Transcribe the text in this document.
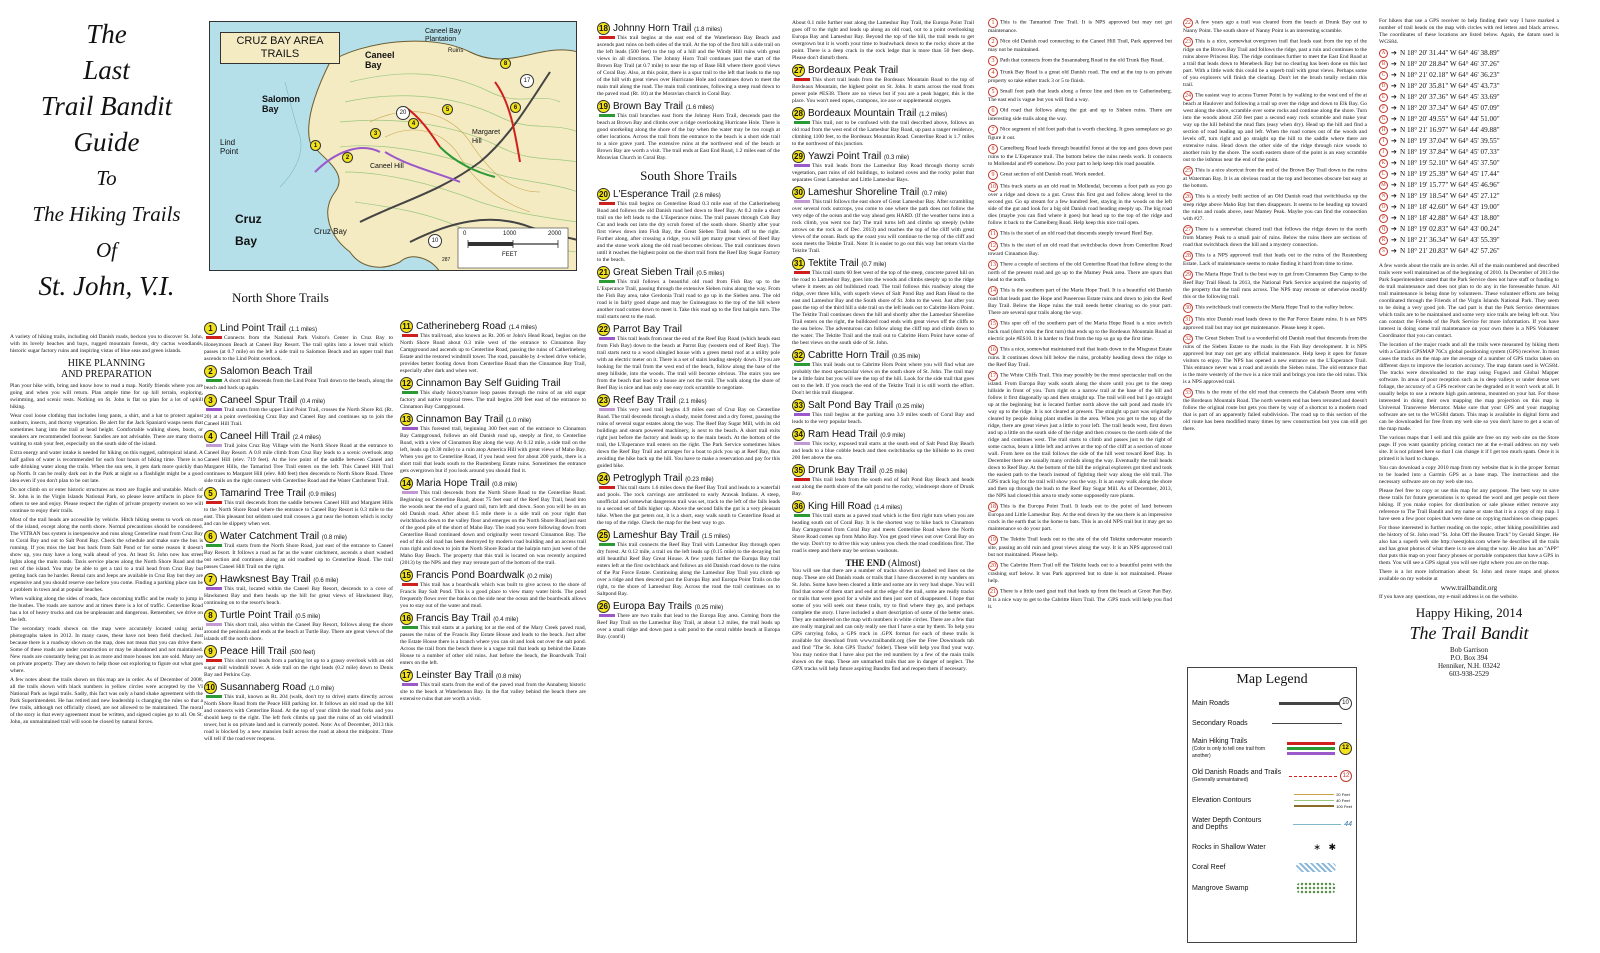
The
Last
Trail Bandit
Guide
To
The Hiking Trails
Of
St. John, V.I.
A variety of hiking trails, including old Danish roads, beckon you to discover St. John, with its lovely beaches and bays, rugged mountain forests, dry cactus woodlands, historic sugar factory ruins and inspiring vistas of blue seas and green islands.
HIKE PLANNING
AND PREPARATION
Plan your hike with, bring and know how to read a map. Notify friends where you are going and when you will return. Plan ample time for up hill terrain, exploring, swimming, and scenic rests. Nothing on St. John is flat so plan for a lot of uphill hiking.
Wear cool loose clothing that includes long pants, a shirt, and a hat to protect against sunburn, insects, and thorny vegetation. Be alert for the Jack Spaniard wasps nests that sometimes hang into the trail at head height. Comfortable walking shoes, boots, or sneakers are recommended footwear. Sandles are not advisable. There are many thorns waiting to stab your feet, especially on the south side of the island.
Extra energy and water intake is needed for hiking on this rugged, subtropical island. A half gallon of water is recommended for each four hours of hiking time. There is no safe drinking water along the trails. When the sun sets, it gets dark more quickly than up North. It can be really dark out in the Park at night so a flashlight might be a good idea even if you don't plan to be out late.
Do not climb on or enter historic structures as most are fragile and unstable. Much of St. John is in the Virgin Islands National Park, so please leave artifacts in place for others to see and enjoy. Please respect the rights of private property owners so we will continue to enjoy their trails.
Most of the trail heads are accessible by vehicle. Hitch hiking seems to work on most of the island, except along the north shore. Normal precautions should be considered. The VITRAN bus system is inexpensive and runs along Centerline road from Cruz Bay to Coral Bay and out to Salt Pond Bay. Check the schedule and make sure the bus is running. If you miss the last bus back from Salt Pond or for some reason it doesn't show up, you may have a long walk ahead of you. At least St. John now has street lights along the main roads. Taxis service places along the North Shore Road and the rest of the island. You may be able to get a taxi to a trail head from Cruz Bay but getting back can be harder. Rental cars and Jeeps are available in Cruz Bay but they are expensive and you should reserve one before you come. Finding a parking place can be a problem in town and at popular beaches.
When walking along the sides of roads, face oncoming traffic and be ready to jump in the bushes. The roads are narrow and at times there is a lot of traffic. Centerline Road has a lot of heavy trucks and can be unpleasant and dangerous. Remember, we drive on the left.
The secondary roads shown on the map were accurately located using aerial photographs taken in 2012. In many cases, these have not been field checked. Just because there is a roadway shown on the map, does not mean that you can drive there. Some of these roads are under construction or may be abandoned and not maintained. New roads are constantly being put in as more and more houses lots are sold. Many are on private property. They are shown to help those out exploring to figure out what goes where.
A few notes about the trails shown on this map are in order. As of December of 2008, all the trails shown with black numbers in yellow circles were accepted by the VI National Park as legal trails. Sadly, this fact was only a hand shake agreement with the Park Superintendent. He has retired and new leadership is changing the rules so that a few trails, although not officially closed, are not allowed to be maintained. The moral of the story is that every agreement must be written, and signed copies go to all. On St. John, an unmaintained trail will soon be closed by natural forces.
CRUZ BAY AREA
TRAILS
Salomon Bay
Lind Point
Cruz Bay
Caneel Bay
Caneel Bay Plantation
Ruins
Margaret Hill
Caneel Hill
Cruz Bay
287
0	1000	2000
FEET
1
2
3
4
5	6
8
10
17
20
North Shore Trails
1 Lind Point Trail (1.1 miles)
Connects from the National Park Visitor's Center in Cruz Bay to Honeymoon Beach at Caneel Bay Resort. The trail splits into a lower trail which passes (at 0.7 mile) on the left a side trail to Salomon Beach and an upper trail that ascends to the Lind Point overlook.
2 Salomon Beach Trail
A short trail descends from the Lind Point Trail down to the beach, along the beach and back up again.
3 Caneel Spur Trail (0.4 mile)
Trail starts from the upper Lind Point Trail, crosses the North Shore Rd. (Rt. 20) at a point overlooking Cruz Bay and Caneel Bay and continues up to join the Caneel Hill Trail.
4 Caneel Hill Trail (2.4 miles)
Trail joins Cruz Bay Village with the North Shore Road at the entrance to Caneel Bay Resort. A 0.8 mile climb from Cruz Bay leads to a scenic overlook atop Caneel Hill (elev. 719 feet). At the low point of the saddle between Caneel and Margaret Hills, the Tamarind Tree Trail enters on the left. This Caneel Hill Trail continues to Margaret Hill (elev. 840 feet) then descends to North Shore Road. Three side trails on the right connect with Centerline Road and the Water Catchment Trail.
5 Tamarind Tree Trail (0.9 miles)
This trail descends from the saddle between Caneel Hill and Margaret Hills to the North Shore Road where the entrance to Caneel Bay Resort is 0.3 mile to the east. This pleasant but seldom used trail crosses a gut near the bottom which is rocky and can be slippery when wet.
6 Water Catchment Trail (0.8 mile)
Trail starts from the North Shore Road, just east of the entrance to Caneel Bay Resort. It follows a road as far as the water catchment, ascends a short washed out section and continues along an old roadbed up to Centerline Road. The trail passes Caneel Hill Trail on the right.
7 Hawksnest Bay Trail (0.6 mile)
This trail, located within the Caneel Bay Resort, descends to a cove of Hawksnest Bay and then heads up the hill for great views of Hawksnest Bay, continuing on to the resort's beach.
8 Turtle Point Trail (0.5 mile)
This short trail, also within the Caneel Bay Resort, follows along the shore around the peninsula and ends at the beach at Turtle Bay. There are great views of the islands off the north shore.
9 Peace Hill Trail (500 feet)
This short trail leads from a parking lot up to a grassy overlook with an old sugar mill windmill tower. A side trail on the right leads (0.2 mile) down to Denis Bay and Perkins Cay.
10 Susannaberg Road (1.0 mile)
This trail, known as Rt. 204 (walk, don't try to drive) starts directly across North Shore Road from the Peace Hill parking lot. It follows an old road up the hill and connects with Centerline Road. At the top of your climb the road forks and you should keep to the right. The left fork climbs up past the ruins of an old windmill tower, but is on private land and is currently posted. Note: As of December, 2013 this road is blocked by a new mansion built across the road at about the midpoint. Time will tell if the road ever reopens.
11 Catherineberg Road (1.4 miles)
This trail/road, also known as Rt. 206 or John's Head Road, begins on the North Shore Road about 0.3 mile west of the entrance to Cinnamon Bay Campground and ascends up to Centerline Road, passing the ruins of Catherineberg Estate and the restored windmill tower. The road, passable by 4-wheel drive vehicle, provides better footing down from Centerline Road than the Cinnamon Bay Trail, especially after dark and when wet.
12 Cinnamon Bay Self Guiding Trail
This shady history/nature loop passes through the ruins of an old sugar factory and native tropical trees. The trail begins 200 feet east of the entrance to Cinnamon Bay Campground.
13 Cinnamon Bay Trail (1.0 mile)
This forested trail, beginning 300 feet east of the entrance to Cinnamon Bay Campground, follows an old Danish road up, steeply at first, to Centerline Road, with a view of Cinnamon Bay along the way. At 0.12 mile, a side trail on the left, leads up (0.38 mile) to a ruin atop America Hill with great views of Maho Bay. When you get to Centerline Road, if you head west for about 200 yards, there is a short trail that leads south to the Rustenberg Estate ruins. Sometimes the entrance gets overgrown but if you look around you should find it.
14 Maria Hope Trail (0.8 mile)
This trail descends from the North Shore Road to the Centerline Road. Beginning on Centerline Road, about 75 feet east of the Reef Bay Trail, head into the woods near the end of a guard rail, turn left and down. Soon you will be on an old Danish road. After about 0.5 mile there is a side trail on your right that switchbacks down to the valley floor and emerges on the North Shore Road just east of the good pile of the short of Maho Bay. The road you were following down from Centerline Road continued down and originally went toward Cinnamon Bay. The end of this old road has been destroyed by modern road building and an access trail runs right and down to join the North Shore Road at the hairpin turn just west of the Maho Bay Beach. The property that this trail is located on was recently acquired (2013) by the NPS and they may reroute part of the bottom of the trail.
15 Francis Pond Boardwalk (0.2 mile)
This trail has a boardwalk which was built to give access to the shore of Francis Bay Salt Pond. This is a good place to view many water birds. The pond frequently flows over the banks on the side near the ocean and the boardwalk allows you to stay out of the water and mud.
16 Francis Bay Trail (0.4 mile)
This trail starts at a parking lot at the end of the Mary Creek paved road, passes the ruins of the Francis Bay Estate House and leads to the beach. Just after the Estate House there is a branch where you can sit and look out over the salt pond. Across the trail from the bench there is a vague trail that leads up behind the Estate House to a number of other old ruins. Just before the beach, the Boardwalk Trail enters on the left.
17 Leinster Bay Trail (0.8 mile)
This trail starts from the end of the paved road from the Annaberg historic site to the beach at Waterlemon Bay. In the flat valley behind the beach there are extensive ruins that are worth a visit.
18 Johnny Horn Trail (1.8 miles)
This trail begins at the east end of the Waterlemon Bay Beach and ascends past ruins on both sides of the trail. At the top of the first hill a side trail on the left leads (500 feet) to the top of a hill and the Windy Hill ruins with great views in all directions. The Johnny Horn Trail continues past the start of the Brown Bay Trail (at 0.7 mile) to near the top of Base Hill where there good views of Coral Bay. Also, at this point, there is a spur trail to the left that leads to the top of the hill with great views over Hurricane Hole and continues down to meet the main trail along the road. The main trail continues, following a steep road down to the paved road (Rt. 10) at the Moravian church in Coral Bay.
19 Brown Bay Trail (1.6 miles)
This trail branches east from the Johnny Horn Trail, descends past the beach at Brown Bay and climbs over a ridge overlooking Hurricane Hole. There is good snorkeling along the shore of the bay when the water may be too rough at other locations. Across the trail from the entrance to the beach is a short side trail to a nice grave yard. The extensive ruins at the northwest end of the beach at Brown Bay are worth a visit. The trail ends at East End Road, 1.2 miles east of the Moravian Church in Coral Bay.
South Shore Trails
20 L'Esperance Trail (2.6 miles)
This trail begins on Centerline Road 0.3 mile east of the Catherineberg Road and follows the old Danish road bed down to Reef Bay. At 0.2 mile a short trail on the left leads to the L'Esperance ruins. The trail passes through Cob Bay Cut and leads out into the dry scrub forest of the south shore. Shortly after your first views down into Fish Bay, the Great Sieben Trail leads off to the right. Further along, after crossing a ridge, you will get many great views of Reef Bay and the stone work along the old road becomes obvious. The trail continues down until it reaches the highest point on the short trail from the Reef Bay Sugar Factory to the beach.
21 Great Sieben Trail (0.5 miles)
This trail follows a beautiful old road from Fish Bay up to the L'Esperance Trail, passing through the extensive Sieben ruins along the way. From the Fish Bay area, take Gerdonia Trail road to go up in the Sieben area. The old road is in fairly good shape and may be Guineagrass to the top of the hill where another road comes down to meet it. Take this road up to the first hairpin turn. The trail starts next to the road.
22 Parrot Bay Trail
This trail leads from near the end of the Reef Bay Road (which heads east from Fish Bay) down to the beach at Parrot Bay (western end of Reef Bay). The trail starts next to a wood shingled house with a green metal roof at a utility pole with an electric meter on it. There is a set of stairs leading steeply down. If you are looking for the trail from the west end of the beach, follow along the base of the steep hillside, into the woods. The trail will become obvious. The stairs you see from the beach that lead to a house are not the trail. The walk along the shore of Reef Bay is nice and has only one easy rock scramble to negotiate.
23 Reef Bay Trail (2.1 miles)
This very used trail begins 4.9 miles east of Cruz Bay on Centerline Road. The trail descends through a shady, moist forest and a dry forest, passing the ruins of several sugar estates along the way. The Reef Bay Sugar Mill, with its old buildings and steam powered machinery, is next to the beach. A short trail exits right just before the factory and leads up to the main beach. At the bottom of the trail, the L'Esperance trail enters on the right. The Park Service sometimes hikes down the Reef Bay Trail and arranges for a boat to pick you up at Reef Bay, thus avoiding the hike back up the hill. You have to make a reservation and pay for this guided hike.
24 Petroglyph Trail (0.23 mile)
This trail starts 1.6 miles down the Reef Bay Trail and leads to a waterfall and pools. The rock carvings are attributed to early Arawak Indians. A steep, unofficial and somewhat dangerous trail was set, track to the left of the falls leads to a second set of falls higher up. Above the second falls the gut is a very pleasant hike. When the gut peters out, it is a short, easy walk south to Centerline Road at the top of the ridge. Check the map for the best way to go.
25 Lameshur Bay Trail (1.5 miles)
This trail connects the Reef Bay Trail with Lameshur Bay through open dry forest. At 0.12 mile, a trail on the left leads up (0.15 mile) to the decaying but still beautiful Reef Bay Great House. A few yards further the Europa Bay trail enters left at the first switchback and follows an old Danish road down to the ruins of the Par Force Estate. Continuing along the Lameshur Bay Trail you climb up over a ridge and then descend past the Europa Bay and Europa Point Trails on the right, to the shore of Lameshur Bay. Across the road the trail continues on to Saltpond Bay.
26 Europa Bay Trails (0.25 mile)
There are two trails that lead to the Europa Bay area. Coming from the Reef Bay Trail on the Lameshur Bay Trail, at about 1.2 miles, the trail leads up over a small ridge and down past a salt pond to the coral rubble beach at Europa Bay. (cont'd)
About 0.1 mile further east along the Lameshur Bay Trail, the Europa Point Trail goes off to the right and leads up along an old road, out to a point overlooking Europa Bay and Lameshur Bay. Beyond the top of the hill, the trail tends to get overgrown but it is worth your time to bushwhack down to the rocky shore at the point. There is a deep crack in the rock ledge that is more than 50 feet deep. Please don't disturb them.
27 Bordeaux Peak Trail
This short trail leads from the Bordeaux Mountain Road to the top of Bordeaux Mountain, the highest point on St. John. It starts across the road from power pole #ES38. There are no views but if you are a peak bagger, this is the place. You won't need ropes, crampons, ice axe or supplemental oxygen.
28 Bordeaux Mountain Trail (1.2 miles)
This trail, not to be confused with the trail described above, follows an old road from the west end of the Lameshur Bay Road, up past a ranger residence, climbing 1100 feet, to the Bordeaux Mountain Road. Centerline Road is 1.7 miles to the northwest of this junction.
29 Yawzi Point Trail (0.3 mile)
This trail leads from the Lameshur Bay Road through thorny scrub vegetation, past ruins of old buildings, to isolated coves and the rocky point that separates Great Lameshur and Little Lameshur Bays.
30 Lameshur Shoreline Trail (0.7 mile)
This trail follows the east shore of Great Lameshur Bay. After scrambling over several rock outcrops, you come to one where the path does not follow the very edge of the ocean and the way ahead gets HARD. (If the weather turns into a rock climb, you went too far) The trail turns left and climbs up steeply (white arrows on the rock as of Dec. 2013) and reaches the top of the cliff with great views of the ocean. Back up the coast you will continue to the top of the cliff and soon meets the Tektite Trail. Note: It is easier to go out this way but return via the Tektite Trail.
31 Tektite Trail (0.7 mile)
This trail starts 60 feet west of the top of the steep, concrete paved hill on the road to Lameshur Bay, goes into the woods and climbs steeply up to the ridge where it meets an old bulldozed road. The trail follows this roadway along the ridge, over three hills, with superb views of Salt Pond Bay and Ram Head to the east and Lameshur Bay and the South shore of St. John to the west. Just after you pass the top of the third hill a side trail on the left leads out to Cabritte Horn Point. The Tektite Trail continues down the hill and shortly after the Lameshur Shoreline Trail enters on the right, the bulldozed road ends with great views off the cliffs to the sea below. The adventurous can follow along the cliff top and climb down to the water. The Tektite Trail and the trail out to Cabritte Horn Point have some of the best views on the south side of St. John.
32 Cabritte Horn Trail (0.35 mile)
This trail leads out to Cabritte Horn Point where you will find what are probably the most spectacular views on the south shore of St. John. The trail may be a little faint but you will see the top of the hill. Look for the side trail that goes out to the left. If you reach the end of the Tektite Trail it is still worth the effort. Don't let this trail disappear.
33 Salt Pond Bay Trail (0.25 mile)
This trail begins at the parking area 3.9 miles south of Coral Bay and leads to the very popular beach.
34 Ram Head Trail (0.9 mile)
This rocky, exposed trail starts at the south end of Salt Pond Bay Beach and leads to a blue cobble beach and then switchbacks up the hillside to its crest 200 feet above the sea.
35 Drunk Bay Trail (0.25 mile)
This trail leads from the south end of Salt Pond Bay Beach and heads east along the north shore of the salt pond to the rocky, windswept shore of Drunk Bay.
36 King Hill Road (1.4 miles)
This trail starts as a paved road which is the first right turn when you are heading south out of Coral Bay. It is the shortest way to hike back to Cinnamon Bay Campground from Coral Bay and meets Centerline Road where the North Shore Road comes up from Maho Bay. You get good views out over Coral Bay on the way. Don't try to drive this way unless you check the road conditions first. The road is steep and there may be serious washouts.
THE END (Almost)
You will see that there are a number of tracks shown as dashed red lines on the map. These are old Danish roads or trails that I have discovered in my wanders on St. John. Some have been cleared a little and some are in very bad shape. You will find that some of them start and end at the edge of the trail, some are really tracks or trails that were good for a while and then just sort of disappeared. I hope that some of you will seek out these trails, try to find where they go, and perhaps complete the story. I have included a short description of some of the better ones. They are numbered on the map with numbers in white circles. There are a few that are really marginal and can only really see that I have a star by them. To help you GPS carrying folks, a GPS track in .GPX format for each of these trails is available for download from www.trailbandit.org (See the Free Downloads tab and find "The St. John GPS Tracks" folder). These will help you find your way. You may notice that I have also put the red numbers by a few of the main trails shown on the map. These are unmarked trails that are in danger of neglect. The GPX tracks will help future aspiring Bandits find and reopen them if necessary.
1 This is the Tamarind Tree Trail. It is NPS approved but may not get maintenance.
2 Nice old Danish road connecting to the Caneel Hill Trail, Park approved but may not be maintained.
3 Path that connects from the Susannaberg Road to the old Trunk Bay Road.
4 Trunk Bay Road is a great old Danish road. The end at the top is on private property so take either track 3 or 5 to finish.
5 Small foot path that leads along a fence line and then on to Catherineberg. The east end is vague but you will find a way.
6 Old road that follows along the gut and up to Sieben ruins. There are interesting side trails along the way.
7 Nice segment of old foot path that is worth checking. It goes someplace so go figure it out.
8 Camelberg Road leads through beautiful forest at the top and goes down past ruins to the L'Esperance trail. The bottom below the ruins needs work. It connects to Mollendal and #9 somehow. Do your part to help keep this road passable.
9 Great section of old Danish road. Work needed.
10 This track starts as an old road in Mollendal, becomes a foot path as you go over a ridge and down to a gut. Cross this first gut and follow along level to the second gut. Go up stream for a few hundred feet, staying in the woods on the left side of the gut and look for a big old Danish road heading steeply up. The big road dies (maybe you can find where it goes) but head up to the top of the ridge and follow it back to the Camelberg Road. Help keep this nice trail open.
11 This is the start of an old road that descends steeply toward Reef Bay.
12 This is the start of an old road that switchbacks down from Centerline Road toward Cinnamon Bay.
13 There a couple of sections of the old Centerline Road that follow along to the north of the present road and go up to the Mamey Peak area. There are spurs that head to the north.
14 This is the southern part of the Maria Hope Trail. It is a beautiful old Danish road that leads past the Hope and Puseerous Estate ruins and down to join the Reef Bay Trail. Below the Hope ruins the trail needs better clearing so do your part. There are several spur trails along the way.
15 This spur off of the southern part of the Maria Hope Road is a nice switch back road (don't miss the first turn) that ends up to the Bordeaux Mountain Road at electric pole #ES10. It is harder to find from the top so go up the first time.
16 This a nice, somewhat maintained trail that leads down to the Misgunst Estate ruins. It continues down hill below the ruins, probably heading down the ridge to the Reef Bay Trail.
17 The White Cliffs Trail. This may possibly be the most spectacular trail on the island. From Europa Bay walk south along the shore until you get to the steep hillside in front of you. Turn right on a narrow trail at the base of the hill and follow it first diagonally up and then straight up. The trail will end but I go straight up at the beginning but is located further north above the salt pond and made it's way up to the ridge. It is not cleared at present. The straight up part was originally cleared by people doing plant studies in the area. When you get to the top of the ridge, there are great views just a little to your left. The trail heads west, first down and up a little on the south side of the ridge and then crosses to the north side of the ridge and continues west. The trail starts to climb and passes just to the right of some cactus, bears a little left and arrives at the top of the cliff at a section of stone wall. From here on the trail follows the side of the hill west toward Reef Bay. In December there are usually many orchids along the way. Eventually the trail heads down to Reef Bay. At the bottom of the hill the original explorers got tired and took the easiest path to the beach instead of fighting their way along the old trail. The GPS track log for the trail will show you the way. It is an easy walk along the shore and then up through the bush to the Reef Bay Sugar Mill. As of December, 2013, the NPS had closed this area to study some supposedly rare plants.
18 This is the Europa Point Trail. It leads out to the point of land between Europa and Little Lameshur Bay. At the end down by the sea there is an impressive crack in the earth that is the home to bats. This is an old NPS trail but it may get no maintenance so do your part.
19 The Tektite Trail leads out to the site of the old Tektite underwater research site, passing an old ruin and great views along the way. It is an NPS approved trail but not maintained. Please help.
20 The Cabritte Horn Trail off the Tektite leads out to a beautiful point with the crashing surf below. It was Park approved but to date is not maintained. Please help.
21 There is a little used goat trail that leads up from the beach at Groot Pan Bay. It is a nice way to get to the Cabritte Horn Trail. The .GPS track will help you find it.
22 A few years ago a trail was cleared from the beach at Drunk Bay out to Nanny Point. The south shore of Nanny Point is an interesting scramble.
23 This is a nice, somewhat overgrown trail that leads east from the top of the ridge on the Brown Bay Trail and follows the ridge, past a ruin and continues to the ruins above Princess Bay. The ridge continues further to meet the East End Road at a trail that leads down to Menebeck Bay but no clearing has been done on this last part. With a little work this could be a superb trail with great views. Perhaps some of you explorers will finish the clearing. Don't let the brush totally reclaim this trail.
24 The easiest way to access Turner Point is by walking to the west end of the at beach at Haulover and following a trail up over the ridge and down to Elk Bay. Go west along the shore, scramble over some rocks and continue along the shore. Turn into the woods about 250 feet past a second easy rock scramble and make your way up the hill behind the mud flats (easy when dry). Head up the hill and find a section of road leading up and left. When the road comes out of the woods and levels off, turn right and go straight up the hill to the saddle where there are extensive ruins. Head down the other side of the ridge through nice woods to another ruin by the shore. The south eastern shore of the point is an easy scramble out to the isthmus near the end of the point.
25 This is a nice shortcut from the end of the Brown Bay Trail down to the ruins at Waterman Bay. It is an obvious road at the top and becomes obscure but easy at the bottom.
26 This is a nicely built section of an Old Danish road that switchbacks up the steep ridge above Maho Bay but then disappears. It seems to be heading up toward the ruins and roads above, near Mamey Peak. Maybe you can find the connection with #27.
27 There is a somewhat cleared trail that follows the ridge down to the north from Mamey Peak to a small pair of ruins. Below the ruins there are sections of road that switchback down the hill and a mystery connection.
28 This is a NPS approved trail that leads out to the ruins of the Rustenberg Estate. Lack of maintenance seems to make finding it hard from time to time.
29 The Maria Hope Trail is the best way to get from Cinnamon Bay Camp to the Reef Bay Trail Head. In 2013, the National Park Service acquired the majority of the property that the trail runs across. The NPS may reroute or otherwise modify this or the following trail.
30 This switchback trail connects the Maria Hope Trail to the valley below.
31 This nice Danish road leads down to the Par Force Estate ruins. It is an NPS approved trail but may not get maintenance. Please keep it open.
32 The Great Sieben Trail is a wonderful old Danish road that descends from the ruins of the Sieben Estate to the roads in the Fish Bay development. It is NPS approved but may not get any official maintenance. Help keep it open for future visitors to enjoy. The NPS has opened a new entrance on the L'Esperance Trail. This entrance never was a road and avoids the Sieben ruins. The old entrance that is the more westerly of the two is a nice trail and brings you into the old ruins. This is a NPS approved trail.
33 This is the route of the old road that connects the Calabash Boom area with the Bordeaux Mountain Road. The north western end has been rerouted and doesn't follow the original route but gets you there by way of a shortcut to a modern road that is part of an apparently failed subdivision. The road up to this section of the old route has been modified many times by new construction but you can still get there.
Map Legend
Main Roads	10
Secondary Roads
Main Hiking Trails
(Color is only to tell one trail from another)
12
Old Danish Roads and Trails
(Generally unmaintained)
12
Elevation Contours
20 Feet
40 Feet
100 Feet
Water Depth Contours and Depths	44
Rocks in Shallow Water	∗   ✱
Coral Reef
Mangrove Swamp
For hikers that use a GPS receiver to help finding their way I have marked a number of trail heads on the map with circles with red letters and black arrows. The coordinates of these locations are listed below. Again, the datum used is WGS84.
A ➔ N 18° 20' 31.44" W 64° 46' 38.89"
B ➔ N 18° 20' 28.84" W 64° 46' 37.26"
C ➔ N 18° 21' 02.18" W 64° 46' 36.23"
D ➔ N 18° 20' 35.81" W 64° 45' 43.73"
E ➔ N 18° 20' 37.36" W 64° 45' 33.69"
F ➔ N 18° 20' 37.34" W 64° 45' 07.09"
G ➔ N 18° 20' 49.55" W 64° 44' 51.00"
H ➔ N 18° 21' 16.97" W 64° 44' 49.88"
I ➔ N 18° 19' 37.04" W 64° 45' 39.55"
J ➔ N 18° 19' 37.84" W 64° 45' 07.33"
K ➔ N 18° 19' 52.10" W 64° 45' 37.50"
L ➔ N 18° 19' 25.39" W 64° 45' 17.44"
M ➔ N 18° 19' 15.77" W 64° 45' 46.96"
N ➔ N 18° 19' 18.54" W 64° 45' 27.12"
O ➔ N 18° 18' 42.60" W 64° 43' 19.00"
P ➔ N 18° 18' 42.88" W 64° 43' 18.80"
Q ➔ N 18° 19' 02.83" W 64° 43' 00.24"
R ➔ N 18° 21' 36.34" W 64° 43' 55.39"
S ➔ N 18° 21' 20.83" W 64° 42' 57.26"
A few words about the trails are in order. All of the main numbered and described trails were well maintained as of the beginning of 2010. In December of 2013 the Park Superintendent stated that the Park Service does not have staff or funding to do trail maintenance and does not plan to do any in the foreseeable future. All trail maintenance is being done by volunteers. These volunteer efforts are being coordinated through the Friends of the Virgin Islands National Park. They seem to be doing a very good job. The sad part is that the Park Service determines which trails are to be maintained and some very nice trails are being left out. You can contact the Friends of the Park Service for more information. If you have interest in doing some trail maintenance on your own there is a NPS Volunteer Coordinator that you can contact.
The location of the major roads and all the trails were measured by hiking them with a Garmin GPSMAP 76Cx global positioning system (GPS) receiver. In most cases the tracks on the map are the average of a number of GPS tracks taken on different days to improve the location accuracy. The map datum used is WGS84. The tracks were downloaded to the map using Fugawi and Global Mapper software. In areas of poor reception such as in deep valleys or under dense wet foliage, the accuracy of a GPS receiver can be degraded or it won't work at all. It usually helps to use a remote high gain antenna, mounted on your hat. For those interested in doing their own mapping the map projection on this map is Universal Transverse Mercator. Make sure that your GPS and your mapping software are set to the WGS84 datum. This map is available in digital form and can be downloaded for free from my web site so you don't have to get a scan of the map made.
The various maps that I sell and this guide are free on my web site on the Store page. If you want quantity pricing contact me at the e-mail address on my web site. It is not printed here so that I can change it if I get too much spam. Once it is printed it is hard to change.
You can download a copy 2010 map from my website that is in the proper format to be loaded into a Garmin GPS as a base map. The instructions and the necessary software are on my web site too.
Please feel free to copy or use this map for any purpose. The best way to save these trails for future generations is to spread the word and get people out there hiking. If you make copies for distribution or sale please either remove any reference to The Trail Bandit and my name or state that it is a copy of my map. I have seen a few poor copies that were done on copying machines on cheap paper.
For those interested in further reading on the topic, other hiking possibilities and the history of St. John read "St. John Off the Beaten Track" by Gerald Singer. He also has a superb web site http://seestjohn.com where he describes all the trails and has great photos of what there is to see along the way. He also has an "APP" that puts this map on your fancy phones or portable computers that have a GPS in them. You will see a GPS signal you will see right where you are on the map.
There is a lot more information about St. John and more maps and photos available on my website at
www.trailbandit.org
If you have any questions, my e-mail address is on the website.
Happy Hiking, 2014
The Trail Bandit
Bob Garrison
P.O. Box 394
Henniker, N.H. 03242
603-938-2529
